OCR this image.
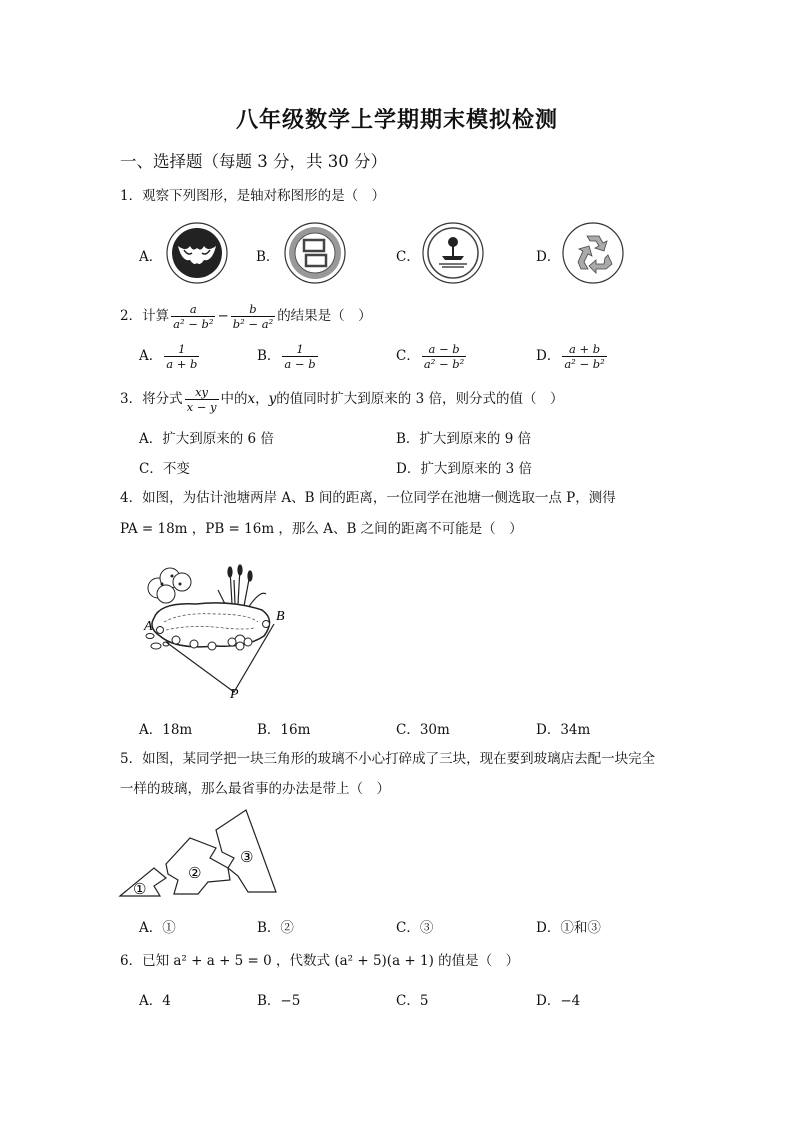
八年级数学上学期期末模拟检测
一、选择题（每题 3 分，共 30 分）
1．观察下列图形，是轴对称图形的是（　）
A．	B．	C．	D．
2．计算 $\frac{a}{\text{a² − b²}} - \frac{b}{\text{b² − a²}}$ 的结果是（　）
A． $\frac{1}{a + b}$	B． $\frac{1}{a - b}$	C． $\frac{a - b}{\text{a² − b²}}$	D． $\frac{a + b}{\text{a² − b²}}$
3．将分式 $\frac{xy}{x - y}$ 中的x，y的值同时扩大到原来的 3 倍，则分式的值（　）
A．扩大到原来的 6 倍	B．扩大到原来的 9 倍
C．不变	D．扩大到原来的 3 倍
4．如图，为估计池塘两岸 A、B 间的距离，一位同学在池塘一侧选取一点 P，测得
PA = 18m ，PB = 16m ，那么 A、B 之间的距离不可能是（　）
A
B
P
A．18m	B．16m	C．30m	D．34m
5．如图，某同学把一块三角形的玻璃不小心打碎成了三块，现在要到玻璃店去配一块完全
一样的玻璃，那么最省事的办法是带上（　）
①
②
③
A．①	B．②	C．③	D．①和③
6．已知 a² + a + 5 = 0 ，代数式 (a² + 5)(a + 1) 的值是（　）
A．4	B．−5	C．5	D．−4
